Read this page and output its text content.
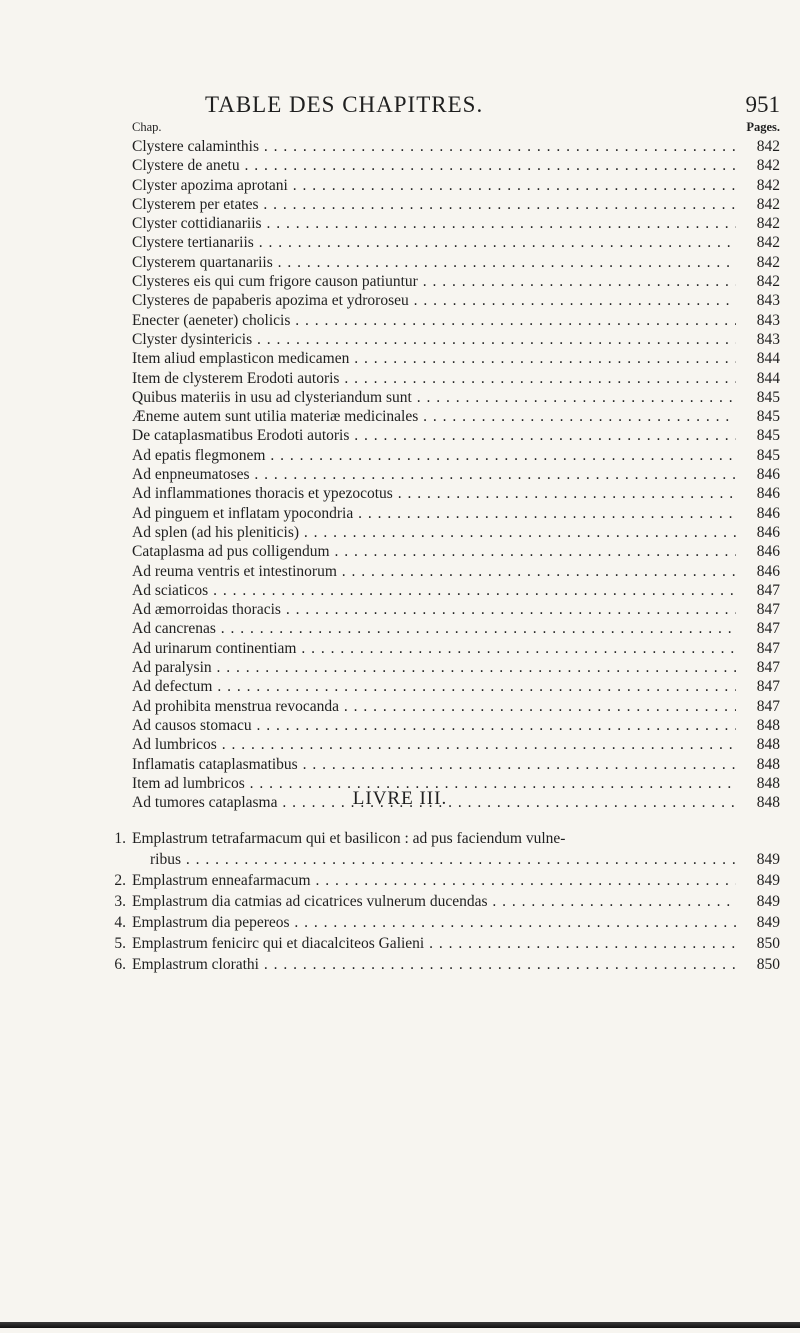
TABLE DES CHAPITRES.	951
Chap.	Pages.
Clystere calaminthis . . .	842
Clystere de anetu . . .	842
Clyster apozima aprotani . . .	842
Clysterem per etates . . .	842
Clyster cottidianariis . . .	842
Clystere tertianariis . . .	842
Clysterem quartanariis . . .	842
Clysteres eis qui cum frigore causon patiuntur . . .	842
Clysteres de papaberis apozima et ydroroseu . . .	843
Enecter (aeneter) cholicis . . .	843
Clyster dysintericis . . .	843
Item aliud emplasticon medicamen . . .	844
Item de clysterem Erodoti autoris . . .	844
Quibus materiis in usu ad clysteriandum sunt . . .	845
Æneme autem sunt utilia materiæ medicinales . . .	845
De cataplasmatibus Erodoti autoris . . .	845
Ad epatis flegmonem . . .	845
Ad enpneumatoses . . .	846
Ad inflammationes thoracis et ypezocotus . . .	846
Ad pinguem et inflatam ypocondria . . .	846
Ad splen (ad his pleniticis) . . .	846
Cataplasma ad pus colligendum . . .	846
Ad reuma ventris et intestinorum . . .	846
Ad sciaticos . . .	847
Ad æmorroidas thoracis . . .	847
Ad cancrenas . . .	847
Ad urinarum continentiam . . .	847
Ad paralysin . . .	847
Ad defectum . . .	847
Ad prohibita menstrua revocanda . . .	847
Ad causos stomacu . . .	848
Ad lumbricos . . .	848
Inflamatis cataplasmatibus . . .	848
Item ad lumbricos . . .	848
Ad tumores cataplasma . . .	848
LIVRE III.
1. Emplastrum tetrafarmacum qui et basilicon : ad pus faciendum vulne-
ribus . . .	849
2. Emplastrum enneafarmacum . . .	849
3. Emplastrum dia catmias ad cicatrices vulnerum ducendas . . .	849
4. Emplastrum dia pepereos . . .	849
5. Emplastrum fenicirc qui et diacalciteos Galieni . . .	850
6. Emplastrum clorathi . . .	850
